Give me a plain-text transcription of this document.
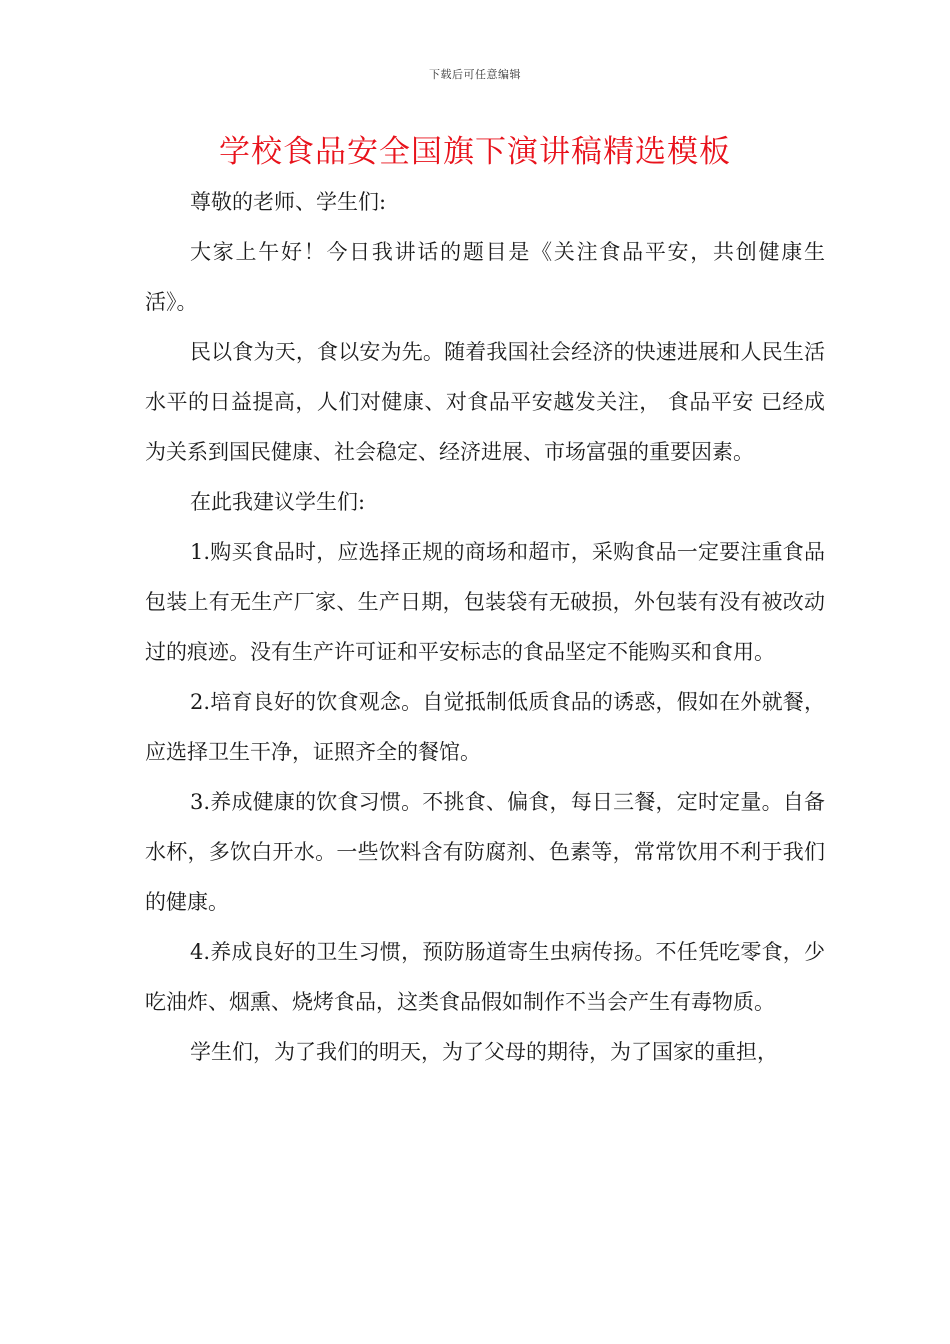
下载后可任意编辑
学校食品安全国旗下演讲稿精选模板

尊敬的老师、学生们:

大家上午好！今日我讲话的题目是《关注食品平安，共创健康生活》。

民以食为天，食以安为先。随着我国社会经济的快速进展和人民生活水平的日益提高，人们对健康、对食品平安越发关注， 食品平安 已经成为关系到国民健康、社会稳定、经济进展、市场富强的重要因素。

在此我建议学生们:

1.购买食品时，应选择正规的商场和超市，采购食品一定要注重食品包装上有无生产厂家、生产日期，包装袋有无破损，外包装有没有被改动过的痕迹。没有生产许可证和平安标志的食品坚定不能购买和食用。

2.培育良好的饮食观念。自觉抵制低质食品的诱惑，假如在外就餐，应选择卫生干净，证照齐全的餐馆。

3.养成健康的饮食习惯。不挑食、偏食，每日三餐，定时定量。自备水杯，多饮白开水。一些饮料含有防腐剂、色素等，常常饮用不利于我们的健康。

4.养成良好的卫生习惯，预防肠道寄生虫病传扬。不任凭吃零食，少吃油炸、烟熏、烧烤食品，这类食品假如制作不当会产生有毒物质。

学生们，为了我们的明天，为了父母的期待，为了国家的重担，
